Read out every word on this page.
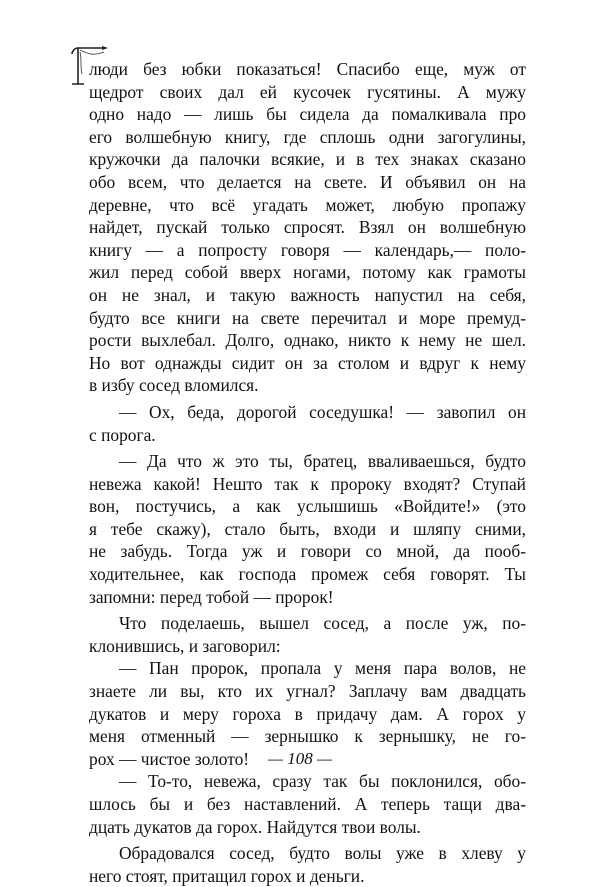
люди без юбки показаться! Спасибо еще, муж от
щедрот своих дал ей кусочек гусятины. А мужу
одно надо — лишь бы сидела да помалкивала про
его волшебную книгу, где сплошь одни загогулины,
кружочки да палочки всякие, и в тех знаках сказано
обо всем, что делается на свете. И объявил он на
деревне, что всё угадать может, любую пропажу
найдет, пускай только спросят. Взял он волшебную
книгу — а попросту говоря — календарь,— поло-
жил перед собой вверх ногами, потому как грамоты
он не знал, и такую важность напустил на себя,
будто все книги на свете перечитал и море премуд-
рости выхлебал. Долго, однако, никто к нему не шел.
Но вот однажды сидит он за столом и вдруг к нему
в избу сосед вломился.
— Ох, беда, дорогой соседушка! — завопил он
с порога.
— Да что ж это ты, братец, вваливаешься, будто
невежа какой! Нешто так к пророку входят? Ступай
вон, постучись, а как услышишь «Войдите!» (это
я тебе скажу), стало быть, входи и шляпу сними,
не забудь. Тогда уж и говори со мной, да пооб-
ходительнее, как господа промеж себя говорят. Ты
запомни: перед тобой — пророк!
Что поделаешь, вышел сосед, а после уж, по-
клонившись, и заговорил:
— Пан пророк, пропала у меня пара волов, не
знаете ли вы, кто их угнал? Заплачу вам двадцать
дукатов и меру гороха в придачу дам. А горох у
меня отменный — зернышко к зернышку, не го-
рох — чистое золото!
— То-то, невежа, сразу так бы поклонился, обо-
шлось бы и без наставлений. А теперь тащи два-
дцать дукатов да горох. Найдутся твои волы.
Обрадовался сосед, будто волы уже в хлеву у
него стоят, притащил горох и деньги.
— 108 —
